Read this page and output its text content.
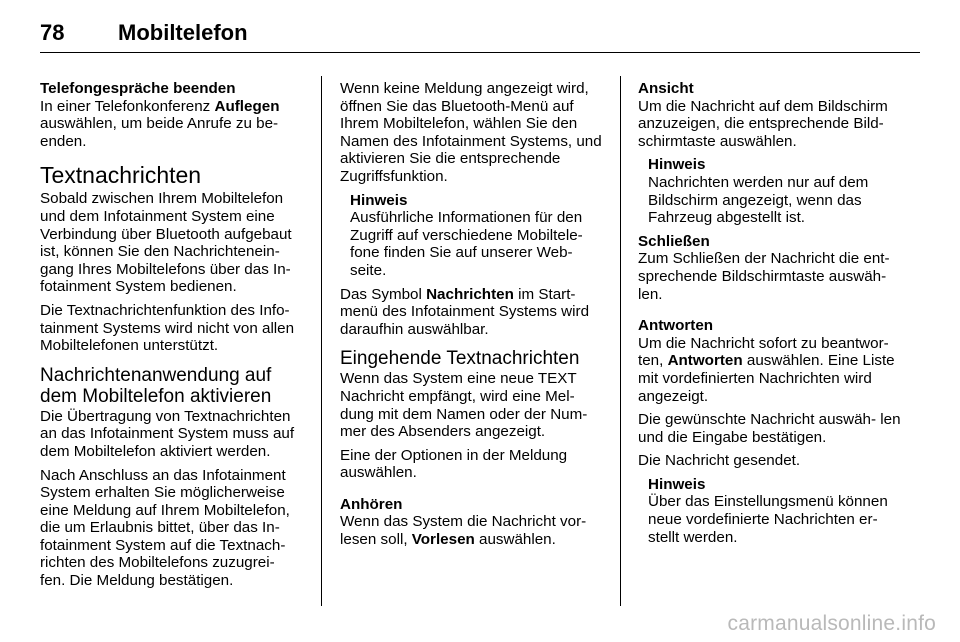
78 Mobiltelefon

Telefongespräche beenden

In einer Telefonkonferenz Auflegen auswählen, um beide Anrufe zu be- enden.

Textnachrichten

Sobald zwischen Ihrem Mobiltelefon und dem Infotainment System eine Verbindung über Bluetooth aufgebaut ist, können Sie den Nachrichtenein- gang Ihres Mobiltelefons über das In- fotainment System bedienen.

Die Textnachrichtenfunktion des Info- tainment Systems wird nicht von allen Mobiltelefonen unterstützt.

Nachrichtenanwendung auf dem Mobiltelefon aktivieren

Die Übertragung von Textnachrichten an das Infotainment System muss auf dem Mobiltelefon aktiviert werden.

Nach Anschluss an das Infotainment System erhalten Sie möglicherweise eine Meldung auf Ihrem Mobiltelefon, die um Erlaubnis bittet, über das In- fotainment System auf die Textnach- richten des Mobiltelefons zuzugrei- fen. Die Meldung bestätigen.

Wenn keine Meldung angezeigt wird, öffnen Sie das Bluetooth-Menü auf Ihrem Mobiltelefon, wählen Sie den Namen des Infotainment Systems, und aktivieren Sie die entsprechende Zugriffsfunktion.

Hinweis

Ausführliche Informationen für den Zugriff auf verschiedene Mobiltele- fone finden Sie auf unserer Web- seite.

Das Symbol Nachrichten im Start- menü des Infotainment Systems wird daraufhin auswählbar.

Eingehende Textnachrichten

Wenn das System eine neue TEXT Nachricht empfängt, wird eine Mel- dung mit dem Namen oder der Num- mer des Absenders angezeigt.

Eine der Optionen in der Meldung auswählen.

Anhören

Wenn das System die Nachricht vor- lesen soll, Vorlesen auswählen.

Ansicht

Um die Nachricht auf dem Bildschirm anzuzeigen, die entsprechende Bild- schirmtaste auswählen.

Hinweis

Nachrichten werden nur auf dem Bildschirm angezeigt, wenn das Fahrzeug abgestellt ist.

Schließen

Zum Schließen der Nachricht die ent- sprechende Bildschirmtaste auswäh- len.

Antworten

Um die Nachricht sofort zu beantwor- ten, Antworten auswählen. Eine Liste mit vordefinierten Nachrichten wird angezeigt.

Die gewünschte Nachricht auswäh- len und die Eingabe bestätigen.

Die Nachricht gesendet.

Hinweis

Über das Einstellungsmenü können neue vordefinierte Nachrichten er- stellt werden.

carmanualsonline.info
